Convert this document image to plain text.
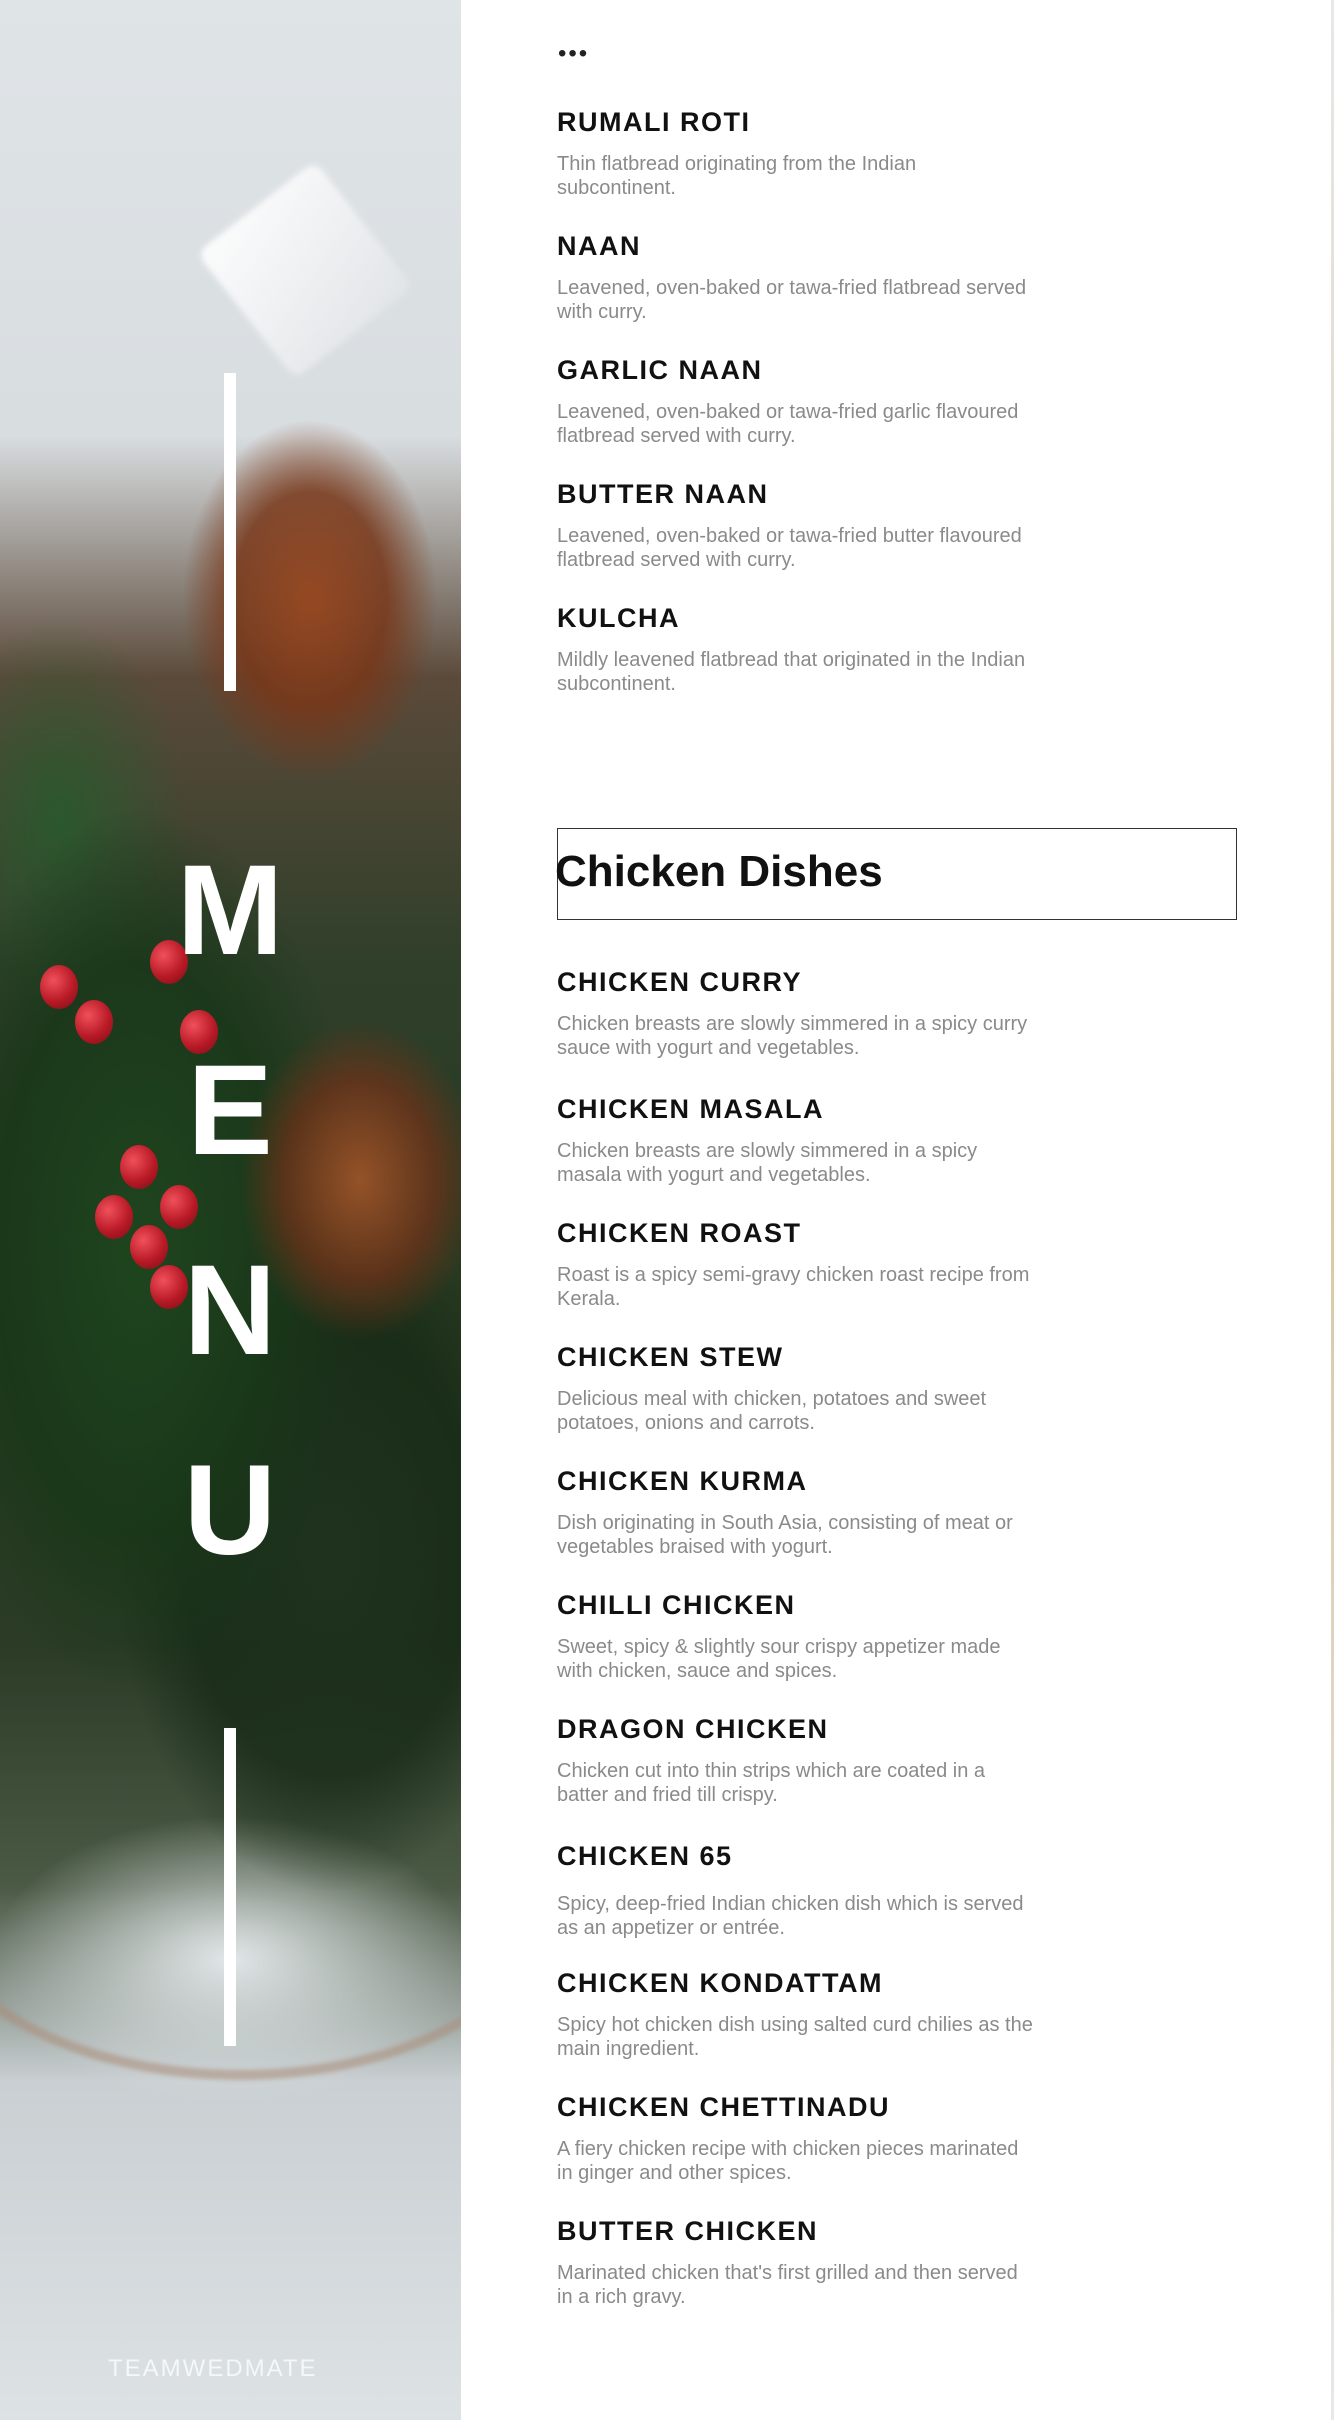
M
E
N
U
TEAMWEDMATE
•••

RUMALI ROTI

Thin flatbread originating from the Indian subcontinent.

NAAN

Leavened, oven-baked or tawa-fried flatbread served with curry.

GARLIC NAAN

Leavened, oven-baked or tawa-fried garlic flavoured flatbread served with curry.

BUTTER NAAN

Leavened, oven-baked or tawa-fried butter flavoured flatbread served with curry.

KULCHA

Mildly leavened flatbread that originated in the Indian subcontinent.

Chicken Dishes

CHICKEN CURRY

Chicken breasts are slowly simmered in a spicy curry sauce with yogurt and vegetables.

CHICKEN MASALA

Chicken breasts are slowly simmered in a spicy masala with yogurt and vegetables.

CHICKEN ROAST

Roast is a spicy semi-gravy chicken roast recipe from Kerala.

CHICKEN STEW

Delicious meal with chicken, potatoes and sweet potatoes, onions and carrots.

CHICKEN KURMA

Dish originating in South Asia, consisting of meat or vegetables braised with yogurt.

CHILLI CHICKEN

Sweet, spicy & slightly sour crispy appetizer made with chicken, sauce and spices.

DRAGON CHICKEN

Chicken cut into thin strips which are coated in a batter and fried till crispy.

CHICKEN 65

Spicy, deep-fried Indian chicken dish which is served as an appetizer or entrée.

CHICKEN KONDATTAM

Spicy hot chicken dish using salted curd chilies as the main ingredient.

CHICKEN CHETTINADU

A fiery chicken recipe with chicken pieces marinated in ginger and other spices.

BUTTER CHICKEN

Marinated chicken that's first grilled and then served in a rich gravy.
